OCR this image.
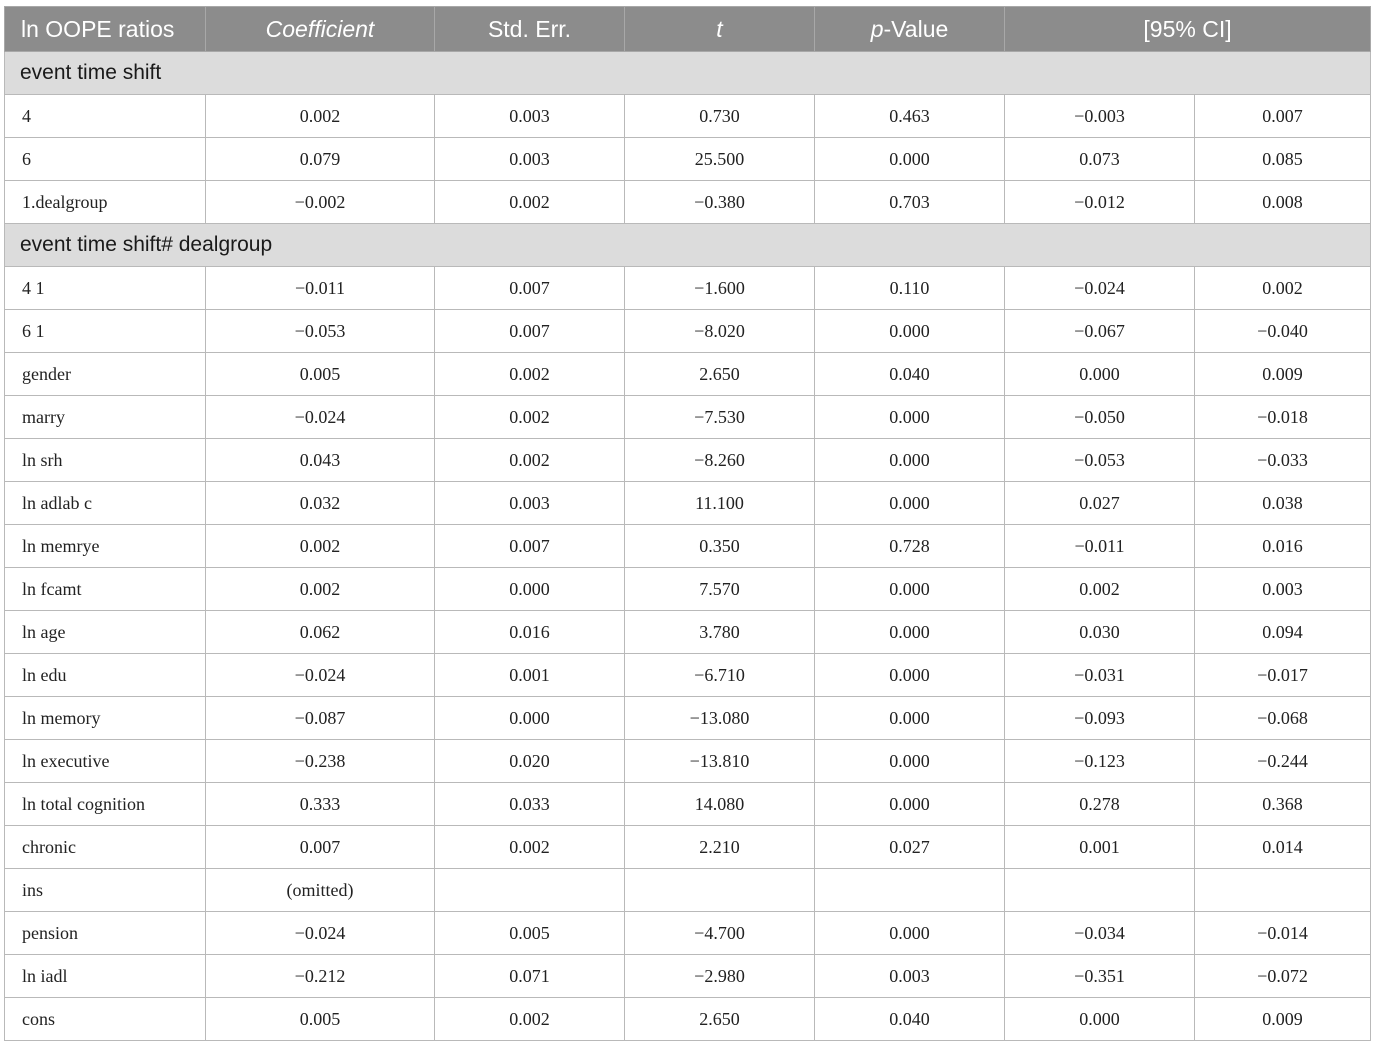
ln OOPE ratios	Coefficient	Std. Err.	t	p-Value	[95% CI]	
event time shift						
4	0.002	0.003	0.730	0.463	−0.003	0.007
6	0.079	0.003	25.500	0.000	0.073	0.085
1.dealgroup	−0.002	0.002	−0.380	0.703	−0.012	0.008
event time shift# dealgroup						
4 1	−0.011	0.007	−1.600	0.110	−0.024	0.002
6 1	−0.053	0.007	−8.020	0.000	−0.067	−0.040
gender	0.005	0.002	2.650	0.040	0.000	0.009
marry	−0.024	0.002	−7.530	0.000	−0.050	−0.018
ln srh	0.043	0.002	−8.260	0.000	−0.053	−0.033
ln adlab c	0.032	0.003	11.100	0.000	0.027	0.038
ln memrye	0.002	0.007	0.350	0.728	−0.011	0.016
ln fcamt	0.002	0.000	7.570	0.000	0.002	0.003
ln age	0.062	0.016	3.780	0.000	0.030	0.094
ln edu	−0.024	0.001	−6.710	0.000	−0.031	−0.017
ln memory	−0.087	0.000	−13.080	0.000	−0.093	−0.068
ln executive	−0.238	0.020	−13.810	0.000	−0.123	−0.244
ln total cognition	0.333	0.033	14.080	0.000	0.278	0.368
chronic	0.007	0.002	2.210	0.027	0.001	0.014
ins	(omitted)					
pension	−0.024	0.005	−4.700	0.000	−0.034	−0.014
ln iadl	−0.212	0.071	−2.980	0.003	−0.351	−0.072
cons	0.005	0.002	2.650	0.040	0.000	0.009
